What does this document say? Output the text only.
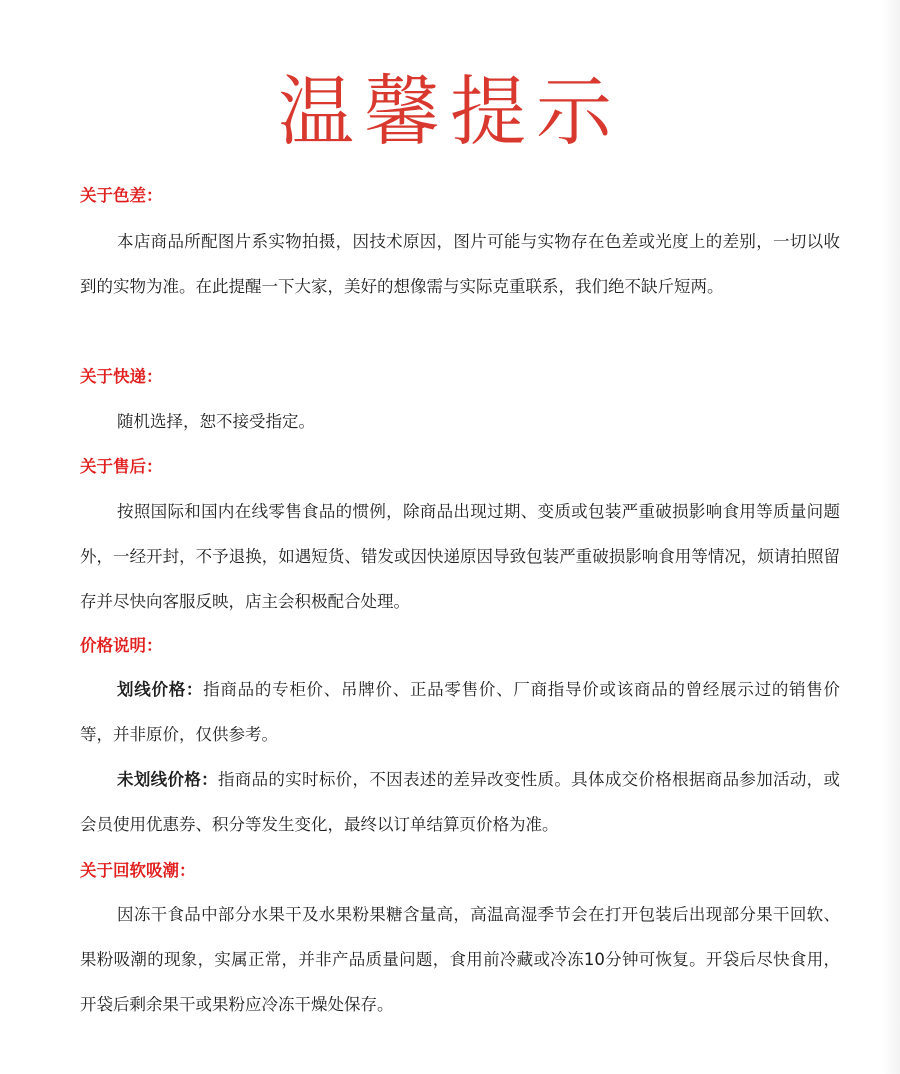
温馨提示
关于色差：
本店商品所配图片系实物拍摄，因技术原因，图片可能与实物存在色差或光度上的差别，一切以收到的实物为准。在此提醒一下大家，美好的想像需与实际克重联系，我们绝不缺斤短两。
关于快递：
随机选择，恕不接受指定。
关于售后：
按照国际和国内在线零售食品的惯例，除商品出现过期、变质或包装严重破损影响食用等质量问题外，一经开封，不予退换，如遇短货、错发或因快递原因导致包装严重破损影响食用等情况，烦请拍照留存并尽快向客服反映，店主会积极配合处理。
价格说明：
划线价格：指商品的专柜价、吊牌价、正品零售价、厂商指导价或该商品的曾经展示过的销售价等，并非原价，仅供参考。
未划线价格：指商品的实时标价，不因表述的差异改变性质。具体成交价格根据商品参加活动，或会员使用优惠券、积分等发生变化，最终以订单结算页价格为准。
关于回软吸潮：
因冻干食品中部分水果干及水果粉果糖含量高，高温高湿季节会在打开包装后出现部分果干回软、果粉吸潮的现象，实属正常，并非产品质量问题，食用前冷藏或冷冻10分钟可恢复。开袋后尽快食用，开袋后剩余果干或果粉应冷冻干燥处保存。
